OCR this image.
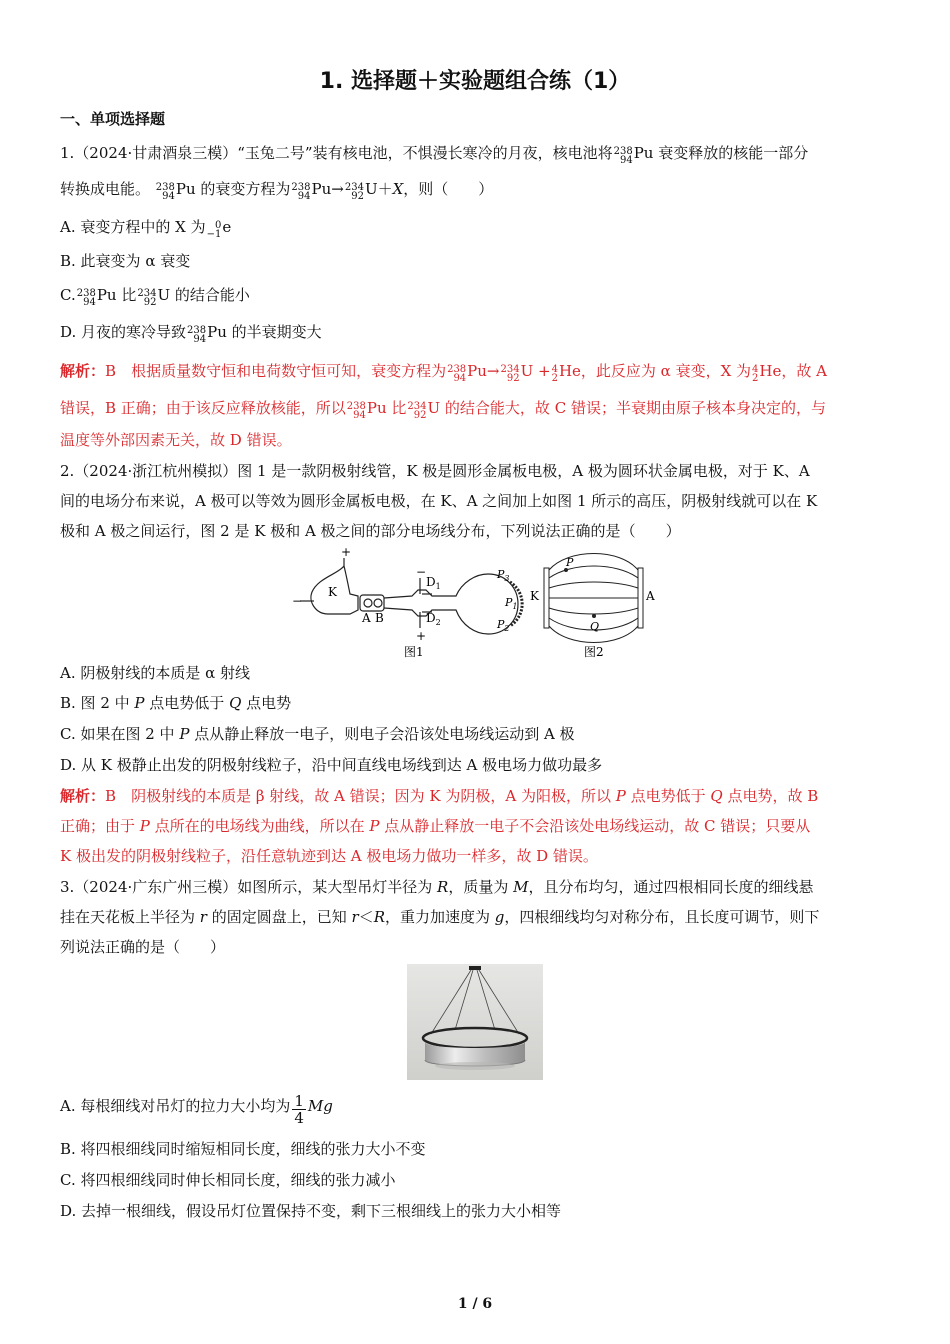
1. 选择题＋实验题组合练（1）
一、单项选择题
1.（2024·甘肃酒泉三模）“玉兔二号”装有核电池，不惧漫长寒冷的月夜，核电池将 238
94 Pu 衰变释放的核能一部分
转换成电能。 238
94 Pu 的衰变方程为 238
94 Pu→ 234
92 U＋X，则（　　）
A. 衰变方程中的 X 为 0
−1 e
B. 此衰变为 α 衰变
C. 238
94 Pu 比 234
92 U 的结合能小
D. 月夜的寒冷导致 238
94 Pu 的半衰期变大
解析：B　 根据质量数守恒和电荷数守恒可知，衰变方程为 238
94 Pu→ 234
92 U + 4
2 He，此反应为 α 衰变，X 为 4
2 He，故 A
错误，B 正确；由于该反应释放核能，所以 238
94 Pu 比 234
92 U 的结合能大，故 C 错误；半衰期由原子核本身决定的，与
温度等外部因素无关，故 D 错误。
2.（2024·浙江杭州模拟）图 1 是一款阴极射线管，K 极是圆形金属板电极，A 极为圆环状金属电极，对于 K、A
间的电场分布来说，A 极可以等效为圆形金属板电极，在 K、A 之间加上如图 1 所示的高压，阴极射线就可以在 K
极和 A 极之间运行，图 2 是 K 极和 A 极之间的部分电场线分布，下列说法正确的是（　　）
+
−
K
A B
−
$D_1$
$D_2$
+
$P_3$
$P_1$
$P_2$
图1
K	A
P
Q
图2
A. 阴极射线的本质是 α 射线
B. 图 2 中 P 点电势低于 Q 点电势
C. 如果在图 2 中 P 点从静止释放一电子，则电子会沿该处电场线运动到 A 极
D. 从 K 极静止出发的阴极射线粒子，沿中间直线电场线到达 A 极电场力做功最多
解析：B　 阴极射线的本质是 β 射线，故 A 错误；因为 K 为阴极，A 为阳极，所以 P 点电势低于 Q 点电势，故 B
正确；由于 P 点所在的电场线为曲线，所以在 P 点从静止释放一电子不会沿该处电场线运动，故 C 错误；只要从
K 极出发的阴极射线粒子，沿任意轨迹到达 A 极电场力做功一样多，故 D 错误。
3.（2024·广东广州三模）如图所示，某大型吊灯半径为 R，质量为 M，且分布均匀，通过四根相同长度的细线悬
挂在天花板上半径为 r 的固定圆盘上，已知 r＜R，重力加速度为 g，四根细线均匀对称分布，且长度可调节，则下
列说法正确的是（　　）
A. 每根细线对吊灯的拉力大小均为 $\frac{1}{4}$ Mg
B. 将四根细线同时缩短相同长度，细线的张力大小不变
C. 将四根细线同时伸长相同长度，细线的张力减小
D. 去掉一根细线，假设吊灯位置保持不变，剩下三根细线上的张力大小相等
1 / 6
